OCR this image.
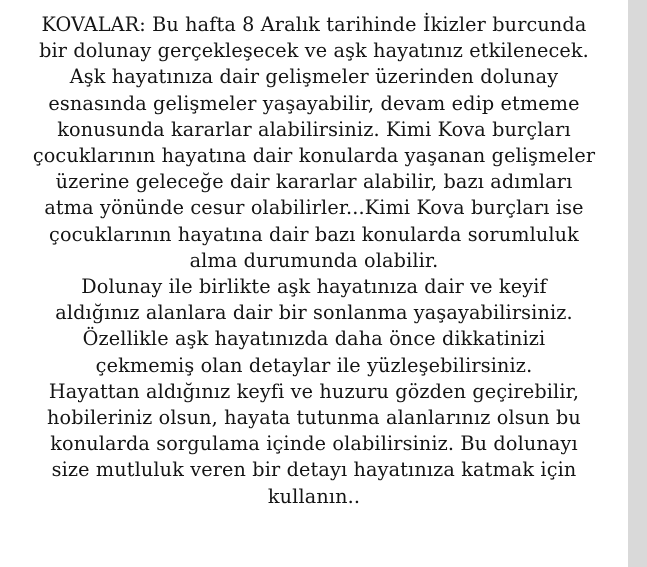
KOVALAR: Bu hafta 8 Aralık tarihinde İkizler burcunda
bir dolunay gerçekleşecek ve aşk hayatınız etkilenecek.
Aşk hayatınıza dair gelişmeler üzerinden dolunay
esnasında gelişmeler yaşayabilir, devam edip etmeme
konusunda kararlar alabilirsiniz. Kimi Kova burçları
çocuklarının hayatına dair konularda yaşanan gelişmeler
üzerine geleceğe dair kararlar alabilir, bazı adımları
atma yönünde cesur olabilirler...Kimi Kova burçları ise
çocuklarının hayatına dair bazı konularda sorumluluk
alma durumunda olabilir.
Dolunay ile birlikte aşk hayatınıza dair ve keyif
aldığınız alanlara dair bir sonlanma yaşayabilirsiniz.
Özellikle aşk hayatınızda daha önce dikkatinizi
çekmemiş olan detaylar ile yüzleşebilirsiniz.
Hayattan aldığınız keyfi ve huzuru gözden geçirebilir,
hobileriniz olsun, hayata tutunma alanlarınız olsun bu
konularda sorgulama içinde olabilirsiniz. Bu dolunayı
size mutluluk veren bir detayı hayatınıza katmak için
kullanın..
